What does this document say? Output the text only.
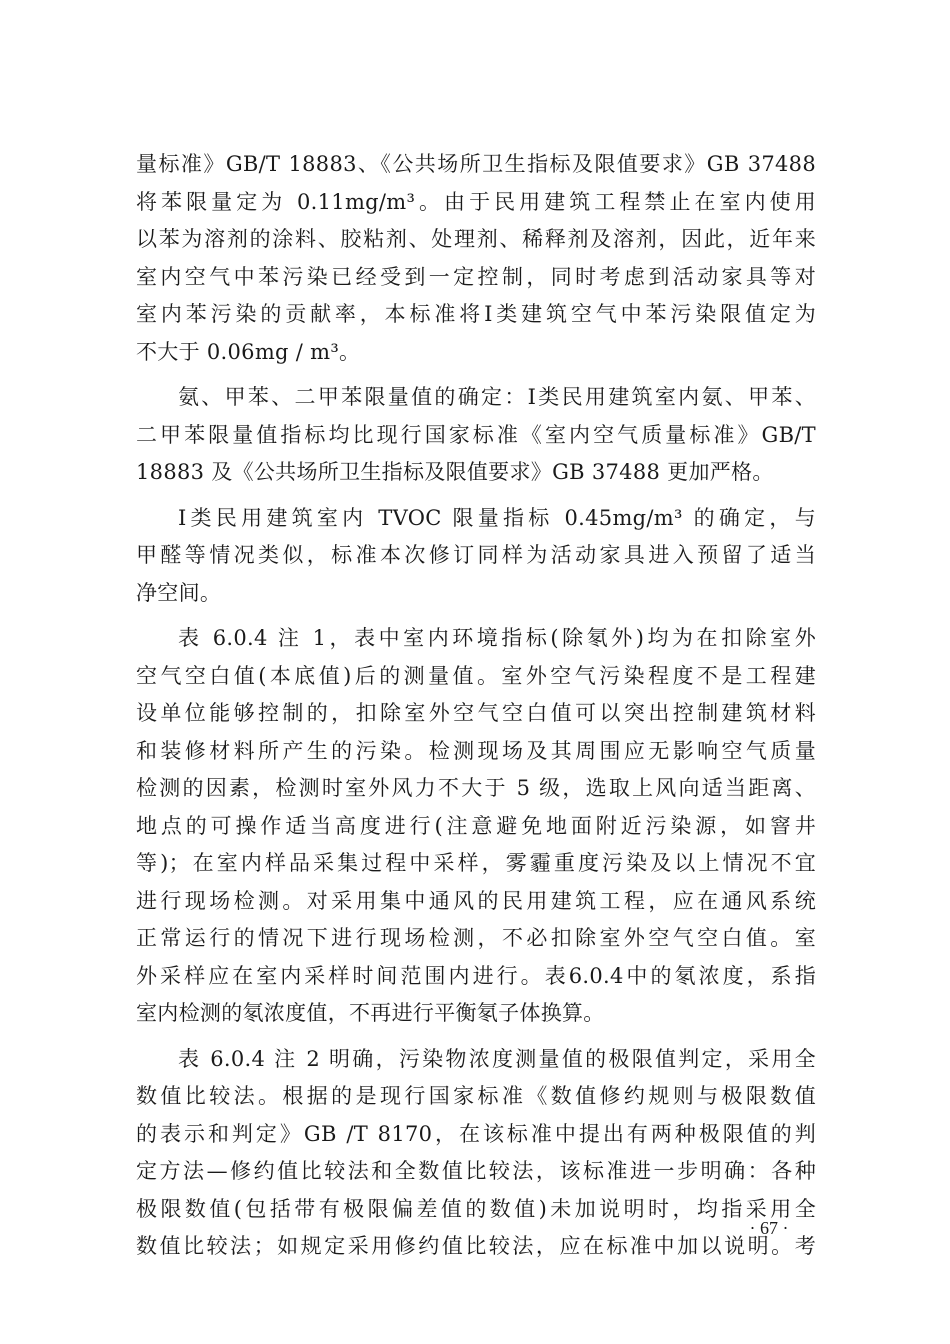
量标准》GB/T 18883、《公共场所卫生指标及限值要求》GB 37488
将苯限量定为 0.11mg/m³。由于民用建筑工程禁止在室内使用
以苯为溶剂的涂料、胶粘剂、处理剂、稀释剂及溶剂，因此，近年来
室内空气中苯污染已经受到一定控制，同时考虑到活动家具等对
室内苯污染的贡献率，本标准将Ⅰ类建筑空气中苯污染限值定为
不大于 0.06mg / m³。
氨、甲苯、二甲苯限量值的确定：Ⅰ类民用建筑室内氨、甲苯、
二甲苯限量值指标均比现行国家标准《室内空气质量标准》GB/T
18883 及《公共场所卫生指标及限值要求》GB 37488 更加严格。
Ⅰ类民用建筑室内 TVOC 限量指标 0.45mg/m³ 的确定，与
甲醛等情况类似，标准本次修订同样为活动家具进入预留了适当
净空间。
表 6.0.4 注 1，表中室内环境指标(除氡外)均为在扣除室外
空气空白值(本底值)后的测量值。室外空气污染程度不是工程建
设单位能够控制的，扣除室外空气空白值可以突出控制建筑材料
和装修材料所产生的污染。检测现场及其周围应无影响空气质量
检测的因素，检测时室外风力不大于 5 级，选取上风向适当距离、
地点的可操作适当高度进行(注意避免地面附近污染源，如窨井
等)；在室内样品采集过程中采样，雾霾重度污染及以上情况不宜
进行现场检测。对采用集中通风的民用建筑工程，应在通风系统
正常运行的情况下进行现场检测，不必扣除室外空气空白值。室
外采样应在室内采样时间范围内进行。表6.0.4中的氡浓度，系指
室内检测的氡浓度值，不再进行平衡氡子体换算。
表 6.0.4 注 2 明确，污染物浓度测量值的极限值判定，采用全
数值比较法。根据的是现行国家标准《数值修约规则与极限数值
的表示和判定》GB /T 8170，在该标准中提出有两种极限值的判
定方法—修约值比较法和全数值比较法，该标准进一步明确：各种
极限数值(包括带有极限偏差值的数值)未加说明时，均指采用全
数值比较法；如规定采用修约值比较法，应在标准中加以说明。考
· 67 ·
